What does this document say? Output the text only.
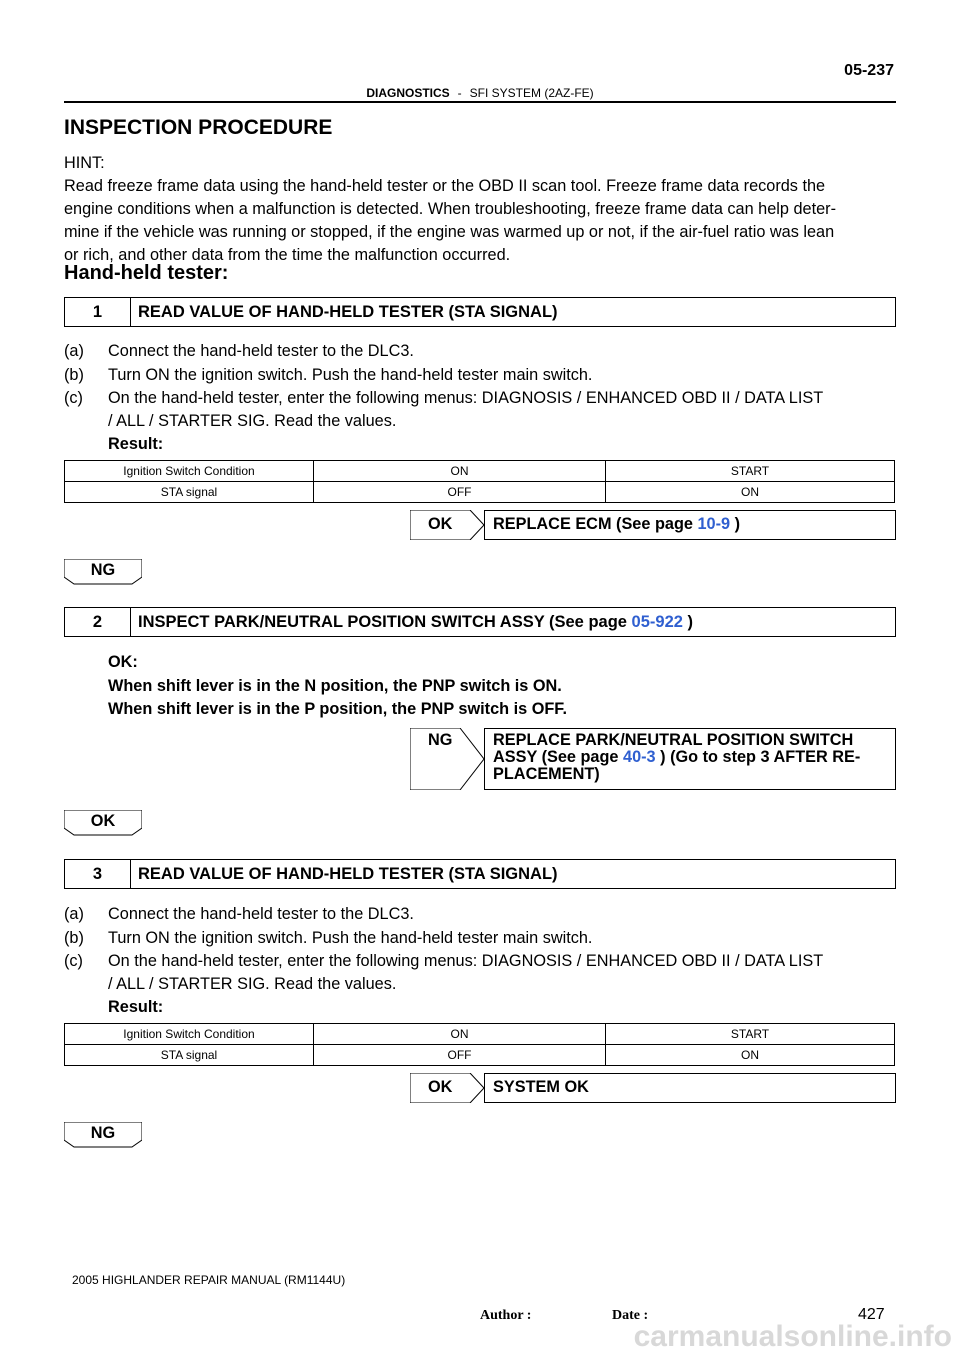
05-237
DIAGNOSTICS - SFI SYSTEM (2AZ-FE)
INSPECTION PROCEDURE
HINT:
Read freeze frame data using the hand-held tester or the OBD II scan tool. Freeze frame data records the
engine conditions when a malfunction is detected. When troubleshooting, freeze frame data can help deter-
mine if the vehicle was running or stopped, if the engine was warmed up or not, if the air-fuel ratio was lean
or rich, and other data from the time the malfunction occurred.
Hand-held tester:
1	READ VALUE OF HAND-HELD TESTER (STA SIGNAL)
(a) Connect the hand-held tester to the DLC3.
(b) Turn ON the ignition switch. Push the hand-held tester main switch.
(c) On the hand-held tester, enter the following menus: DIAGNOSIS / ENHANCED OBD II / DATA LIST
/ ALL / STARTER SIG. Read the values.
Result:
Ignition Switch Condition	ON	START
STA signal	OFF	ON
OK REPLACE ECM (See page 10-9 )
NG
2	INSPECT PARK/NEUTRAL POSITION SWITCH ASSY (See page 05-922 )
OK:
When shift lever is in the N position, the PNP switch is ON.
When shift lever is in the P position, the PNP switch is OFF.
NG REPLACE PARK/NEUTRAL POSITION SWITCH
ASSY (See page 40-3 ) (Go to step 3 AFTER RE-
PLACEMENT)
OK
3	READ VALUE OF HAND-HELD TESTER (STA SIGNAL)
(a) Connect the hand-held tester to the DLC3.
(b) Turn ON the ignition switch. Push the hand-held tester main switch.
(c) On the hand-held tester, enter the following menus: DIAGNOSIS / ENHANCED OBD II / DATA LIST
/ ALL / STARTER SIG. Read the values.
Result:
Ignition Switch Condition	ON	START
STA signal	OFF	ON
OK SYSTEM OK
NG
2005 HIGHLANDER REPAIR MANUAL (RM1144U)
Author :	Date :	427
carmanualsonline.info
